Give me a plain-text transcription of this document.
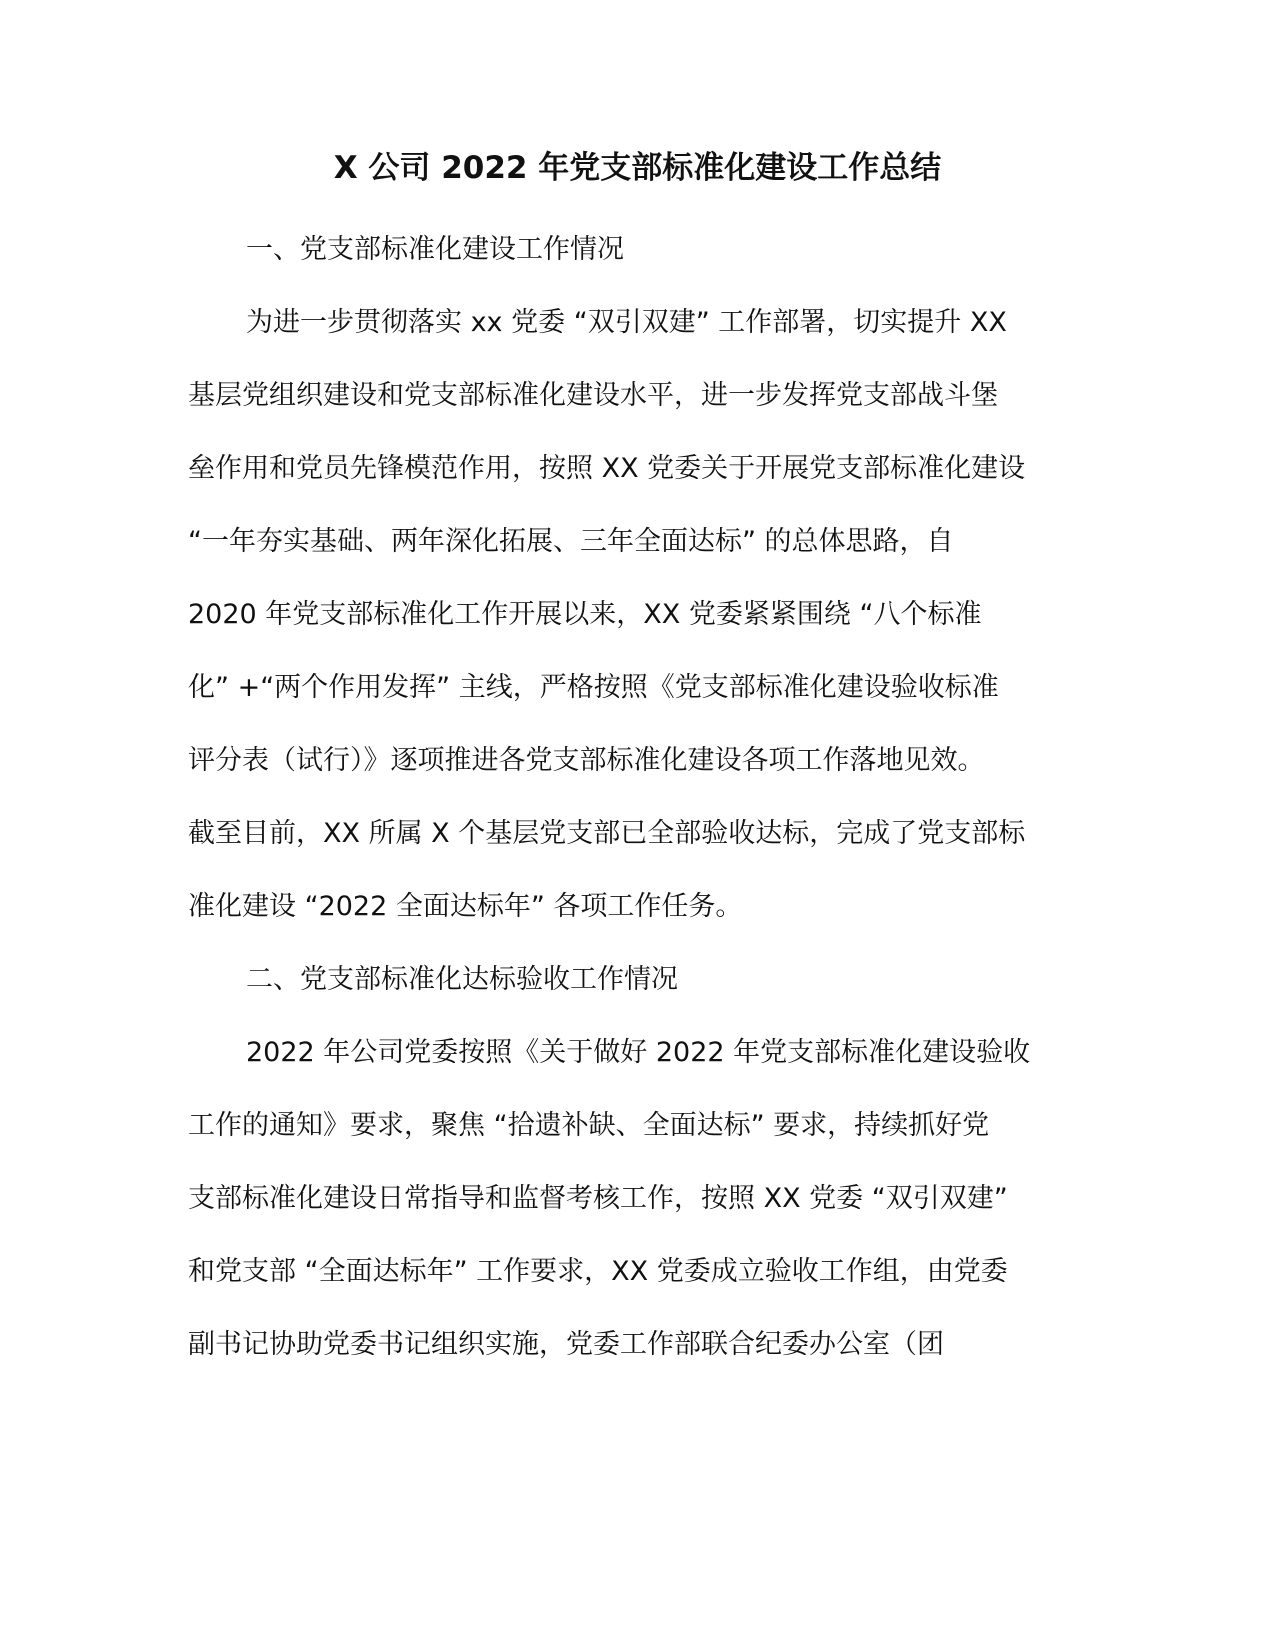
X 公司 2022 年党支部标准化建设工作总结
一、党支部标准化建设工作情况
为进一步贯彻落实 xx 党委 “双引双建” 工作部署，切实提升 XX
基层党组织建设和党支部标准化建设水平，进一步发挥党支部战斗堡
垒作用和党员先锋模范作用，按照 XX 党委关于开展党支部标准化建设
“一年夯实基础、两年深化拓展、三年全面达标” 的总体思路，自
2020 年党支部标准化工作开展以来，XX 党委紧紧围绕 “八个标准
化” +“两个作用发挥” 主线，严格按照《党支部标准化建设验收标准
评分表（试行）》逐项推进各党支部标准化建设各项工作落地见效。
截至目前，XX 所属 X 个基层党支部已全部验收达标，完成了党支部标
准化建设 “2022 全面达标年” 各项工作任务。
二、党支部标准化达标验收工作情况
2022 年公司党委按照《关于做好 2022 年党支部标准化建设验收
工作的通知》要求，聚焦 “拾遗补缺、全面达标” 要求，持续抓好党
支部标准化建设日常指导和监督考核工作，按照 XX 党委 “双引双建”
和党支部 “全面达标年” 工作要求，XX 党委成立验收工作组，由党委
副书记协助党委书记组织实施，党委工作部联合纪委办公室（团
